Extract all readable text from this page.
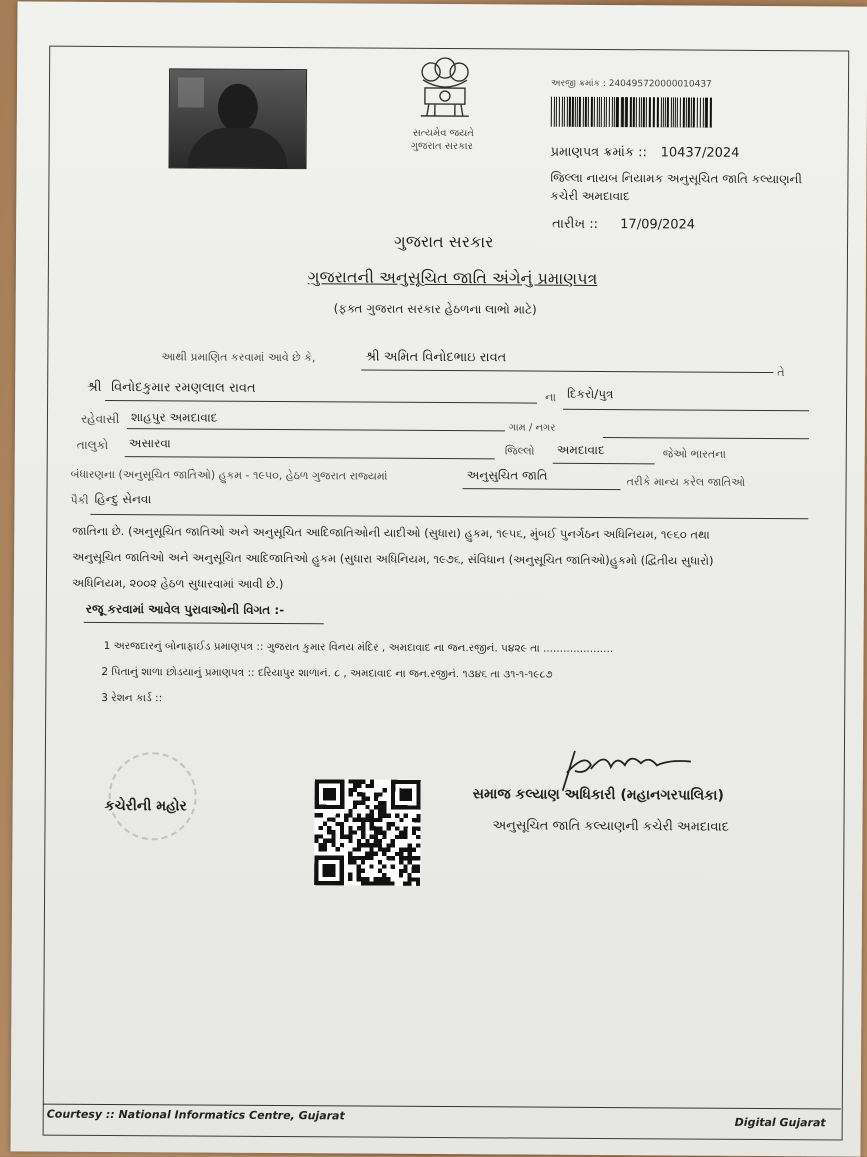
સત્યમેવ જયતે
ગુજરાત સરકાર
અરજી ક્રમાંક : 240495720000010437
પ્રમાણપત્ર ક્રમાંક :: 10437/2024
જિલ્લા નાયબ નિયામક અનુસૂચિત જાતિ કલ્યાણની
કચેરી અમદાવાદ
તારીખ :: 17/09/2024
ગુજરાત સરકાર
ગુજરાતની અનુસૂચિત જાતિ અંગેનું પ્રમાણપત્ર
(ફક્ત ગુજરાત સરકાર હેઠળના લાભો માટે)
આથી પ્રમાણિત કરવામાં આવે છે કે,	શ્રી અમિત વિનોદભાઇ રાવત
તે
શ્રી વિનોદકુમાર રમણલાલ રાવત
ના દિકરો/પુત્ર
રહેવાસી શાહપુર અમદાવાદ
ગામ / નગર
તાલુકો અસારવા
જિલ્લો અમદાવાદ	જેઓ ભારતના
બંધારણના (અનુસૂચિત જાતિઓ) હુકમ - ૧૯૫૦, હેઠળ ગુજરાત રાજ્યમાં	અનુસુચિત જાતિ	તરીકે માન્ય કરેલ જાતિઓ
પૈકી હિન્દુ સેનવા
જાતિના છે. (અનુસૂચિત જાતિઓ અને અનુસૂચિત આદિજાતિઓની યાદીઓ (સુધારા) હુકમ, ૧૯૫૬, મુંબઈ પુનર્ગઠન અધિનિયમ, ૧૯૬૦ તથા
અનુસૂચિત જાતિઓ અને અનુસૂચિત આદિજાતિઓ હુકમ (સુધારા અધિનિયમ, ૧૯૭૬, સંવિધાન (અનુસૂચિત જાતિઓ)હુકમો (દ્વિતીય સુધારો)
અધિનિયમ, ૨૦૦૨ હેઠળ સુધારવામાં આવી છે.)
રજૂ કરવામાં આવેલ પુરાવાઓની વિગત :-
1 અરજદારનું બોનાફાઈડ પ્રમાણપત્ર :: ગુજરાત કુમાર વિનય મંદિર , અમદાવાદ ના જન.રજીનં. ૫૪૨૯ તા .....................
2 પિતાનું શાળા છોડયાનું પ્રમાણપત્ર :: દરિયાપુર શાળાનં. ૮ , અમદાવાદ ના જન.રજીનં. ૧૩૪૬ તા ૩૧-૧-૧૯૮૭
3 રેશન કાર્ડ ::
કચેરીની મહોર
સમાજ કલ્યાણ અધિકારી (મહાનગરપાલિકા)
અનુસૂચિત જાતિ કલ્યાણની કચેરી અમદાવાદ
Courtesy :: National Informatics Centre, Gujarat
Digital Gujarat
